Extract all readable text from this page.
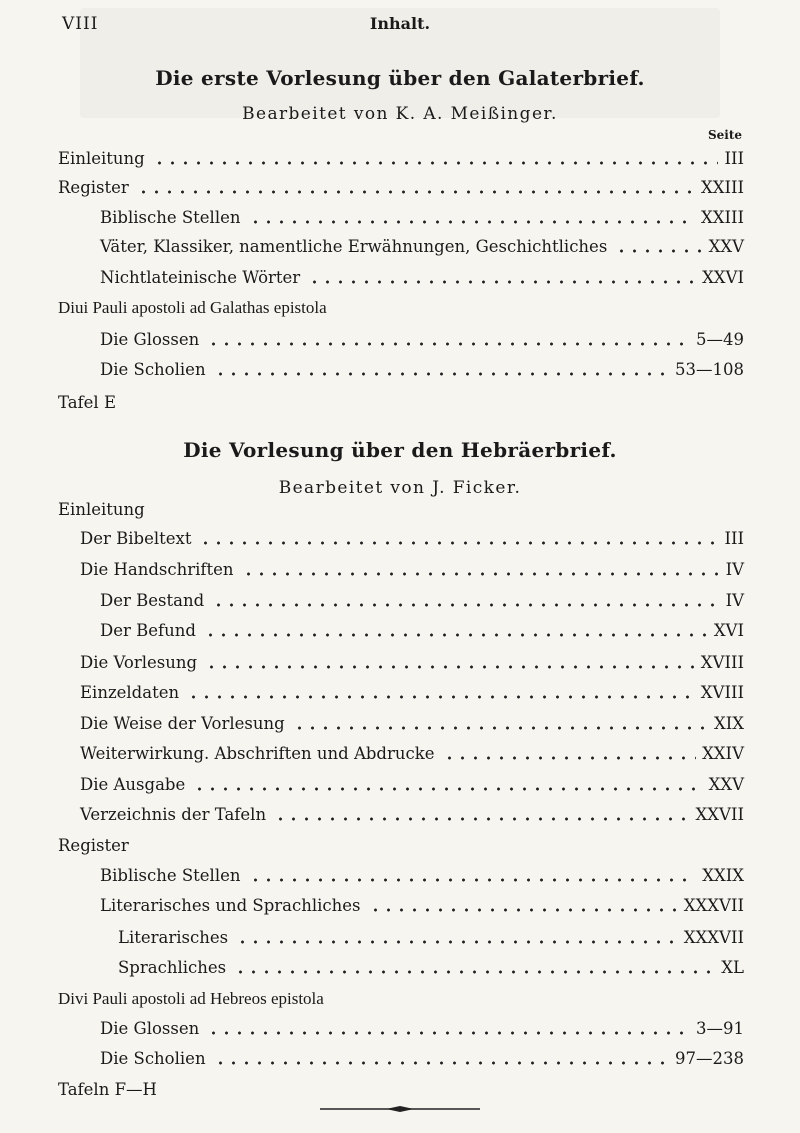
VIII	Inhalt.
Die erste Vorlesung über den Galaterbrief.
Bearbeitet von K. A. Meißinger.
Seite
Einleitung	III
Register	XXIII
Biblische Stellen	XXIII
Väter, Klassiker, namentliche Erwähnungen, Geschichtliches	XXV
Nichtlateinische Wörter	XXVI
Diui Pauli apostoli ad Galathas epistola
Die Glossen	5—49
Die Scholien	53—108
Tafel E
Die Vorlesung über den Hebräerbrief.
Bearbeitet von J. Ficker.
Einleitung
Der Bibeltext	III
Die Handschriften	IV
Der Bestand	IV
Der Befund	XVI
Die Vorlesung	XVIII
Einzeldaten	XVIII
Die Weise der Vorlesung	XIX
Weiterwirkung. Abschriften und Abdrucke	XXIV
Die Ausgabe	XXV
Verzeichnis der Tafeln	XXVII
Register
Biblische Stellen	XXIX
Literarisches und Sprachliches	XXXVII
Literarisches	XXXVII
Sprachliches	XL
Divi Pauli apostoli ad Hebreos epistola
Die Glossen	3—91
Die Scholien	97—238
Tafeln F—H
